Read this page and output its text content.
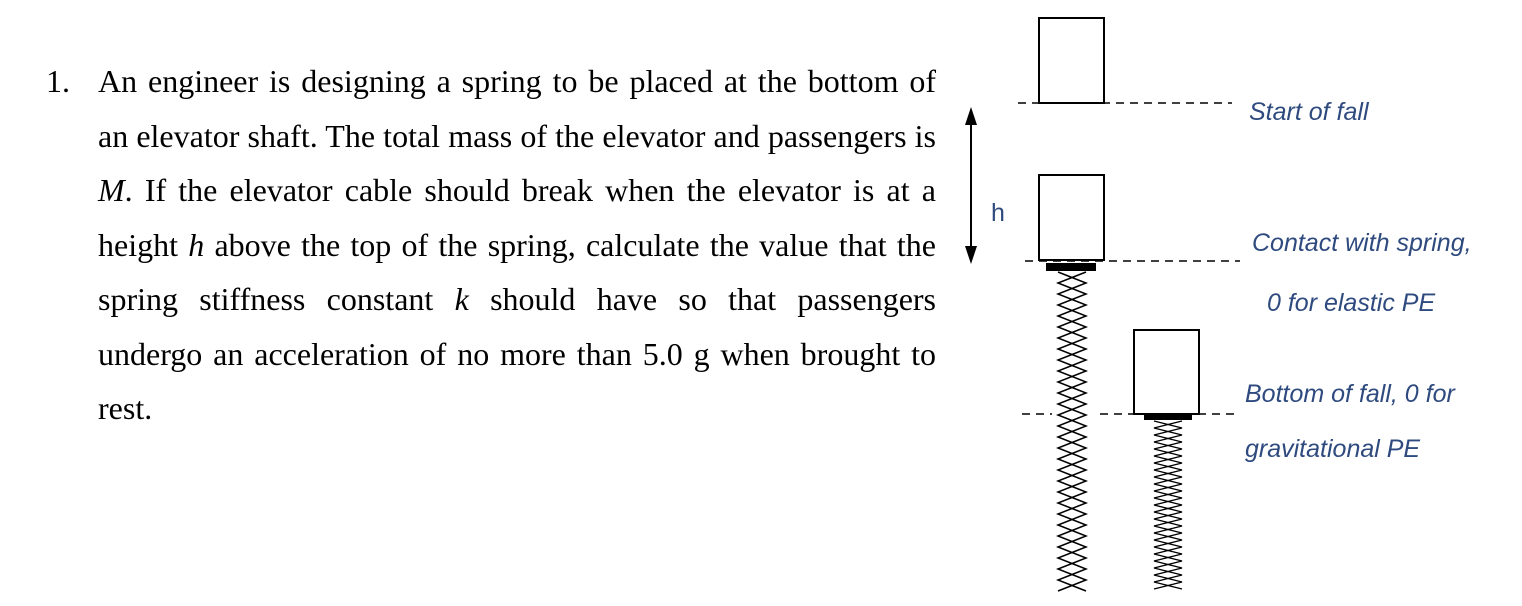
1. An engineer is designing a spring to be placed at the bottom of an elevator shaft. The total mass of the elevator and passengers is M. If the elevator cable should break when the elevator is at a height h above the top of the spring, calculate the value that the spring stiffness constant k should have so that passengers undergo an acceleration of no more than 5.0 g when brought to rest.
h
Start of fall
Contact with spring,
0 for elastic PE
Bottom of fall, 0 for
gravitational PE
